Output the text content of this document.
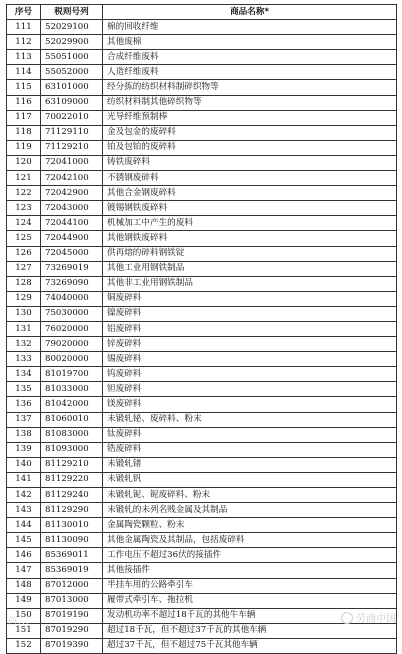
序号	税则号列	商品名称*
111	52029100	棉的回收纤维
112	52029900	其他废棉
113	55051000	合成纤维废料
114	55052000	人造纤维废料
115	63101000	经分拣的纺织材料制碎织物等
116	63109000	纺织材料制其他碎织物等
117	70022010	光导纤维预制棒
118	71129110	金及包金的废碎料
119	71129210	铂及包铂的废碎料
120	72041000	铸铁废碎料
121	72042100	不锈钢废碎料
122	72042900	其他合金钢废碎料
123	72043000	镀锡钢铁废碎料
124	72044100	机械加工中产生的废料
125	72044900	其他钢铁废碎料
126	72045000	供再熔的碎料钢铁锭
127	73269019	其他工业用钢铁制品
128	73269090	其他非工业用钢铁制品
129	74040000	铜废碎料
130	75030000	镍废碎料
131	76020000	铝废碎料
132	79020000	锌废碎料
133	80020000	锡废碎料
134	81019700	钨废碎料
135	81033000	钽废碎料
136	81042000	镁废碎料
137	81060010	未锻轧铋、废碎料、粉末
138	81083000	钛废碎料
139	81093000	锆废碎料
140	81129210	未锻轧锗
141	81129220	未锻轧钒
142	81129240	未锻轧铌、铌废碎料、粉末
143	81129290	未锻轧的未列名贱金属及其制品
144	81130010	金属陶瓷颗粒、粉末
145	81130090	其他金属陶瓷及其制品，包括废碎料
146	85369011	工作电压不超过36伏的接插件
147	85369019	其他接插件
148	87012000	半挂车用的公路牵引车
149	87013000	履带式牵引车、拖拉机
150	87019190	发动机功率不超过18千瓦的其他牛车辆
151	87019290	超过18千瓦，但不超过37千瓦的其他车辆
152	87019390	超过37千瓦，但不超过75千瓦其他车辆
劳商中国
尚...
